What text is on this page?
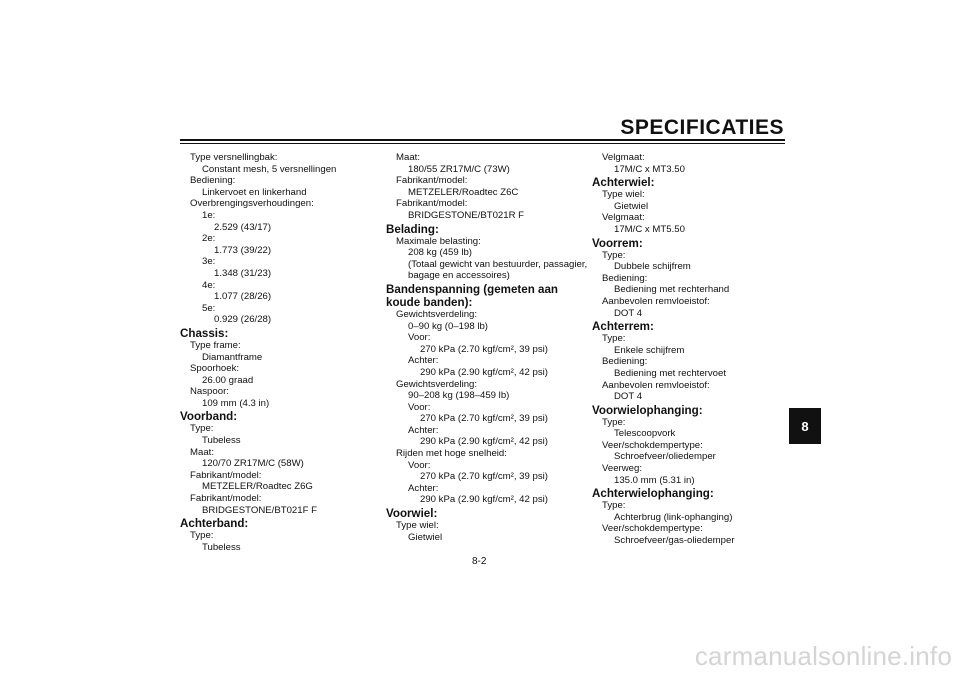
SPECIFICATIES
Type versnellingbak:
Constant mesh, 5 versnellingen
Bediening:
Linkervoet en linkerhand
Overbrengingsverhoudingen:
1e:
2.529 (43/17)
2e:
1.773 (39/22)
3e:
1.348 (31/23)
4e:
1.077 (28/26)
5e:
0.929 (26/28)
Chassis:
Type frame:
Diamantframe
Spoorhoek:
26.00 graad
Naspoor:
109 mm (4.3 in)
Voorband:
Type:
Tubeless
Maat:
120/70 ZR17M/C (58W)
Fabrikant/model:
METZELER/Roadtec Z6G
Fabrikant/model:
BRIDGESTONE/BT021F F
Achterband:
Type:
Tubeless
Maat:
180/55 ZR17M/C (73W)
Fabrikant/model:
METZELER/Roadtec Z6C
Fabrikant/model:
BRIDGESTONE/BT021R F
Belading:
Maximale belasting:
208 kg (459 lb)
(Totaal gewicht van bestuurder, passagier,
bagage en accessoires)
Bandenspanning (gemeten aan koude banden):
Gewichtsverdeling:
0–90 kg (0–198 lb)
Voor:
270 kPa (2.70 kgf/cm², 39 psi)
Achter:
290 kPa (2.90 kgf/cm², 42 psi)
Gewichtsverdeling:
90–208 kg (198–459 lb)
Voor:
270 kPa (2.70 kgf/cm², 39 psi)
Achter:
290 kPa (2.90 kgf/cm², 42 psi)
Rijden met hoge snelheid:
Voor:
270 kPa (2.70 kgf/cm², 39 psi)
Achter:
290 kPa (2.90 kgf/cm², 42 psi)
Voorwiel:
Type wiel:
Gietwiel
Velgmaat:
17M/C x MT3.50
Achterwiel:
Type wiel:
Gietwiel
Velgmaat:
17M/C x MT5.50
Voorrem:
Type:
Dubbele schijfrem
Bediening:
Bediening met rechterhand
Aanbevolen remvloeistof:
DOT 4
Achterrem:
Type:
Enkele schijfrem
Bediening:
Bediening met rechtervoet
Aanbevolen remvloeistof:
DOT 4
Voorwielophanging:
Type:
Telescoopvork
Veer/schokdempertype:
Schroefveer/oliedemper
Veerweg:
135.0 mm (5.31 in)
Achterwielophanging:
Type:
Achterbrug (link-ophanging)
Veer/schokdempertype:
Schroefveer/gas-oliedemper
8
8-2
carmanualsonline.info
